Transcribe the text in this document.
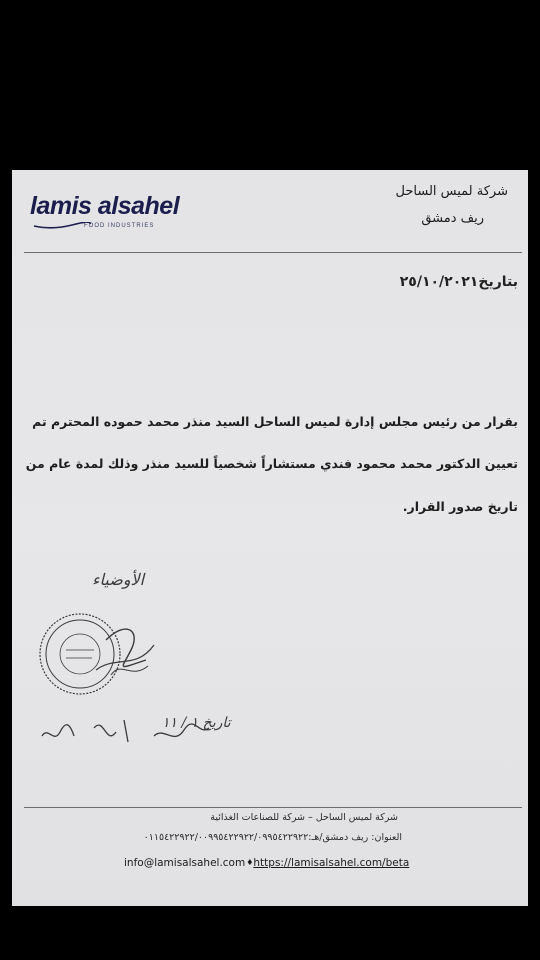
شركة لميس الساحل
ريف دمشق
lamis alsahel
FOOD INDUSTRIES
بتاريخ٢٥/١٠/٢٠٢١
بقرار من رئيس مجلس إدارة لميس الساحل السيد منذر محمد حموده المحترم تم
تعيين الدكتور محمد محمود فندي مستشاراً شخصياً للسيد منذر وذلك لمدة عام من
تاريخ صدور القرار.
الأوضياء
تاريخ ١ / ١١
شركة لميس الساحل – شركة للصناعات الغذائية
العنوان: ريف دمشق/هـ:٠١١٥٤٢٢٩٢٢/٠٠٩٩٥٤٢٢٩٢٢/٠٩٩٥٤٢٢٩٢٢
info@lamisalsahel.com♦https://lamisalsahel.com/beta
